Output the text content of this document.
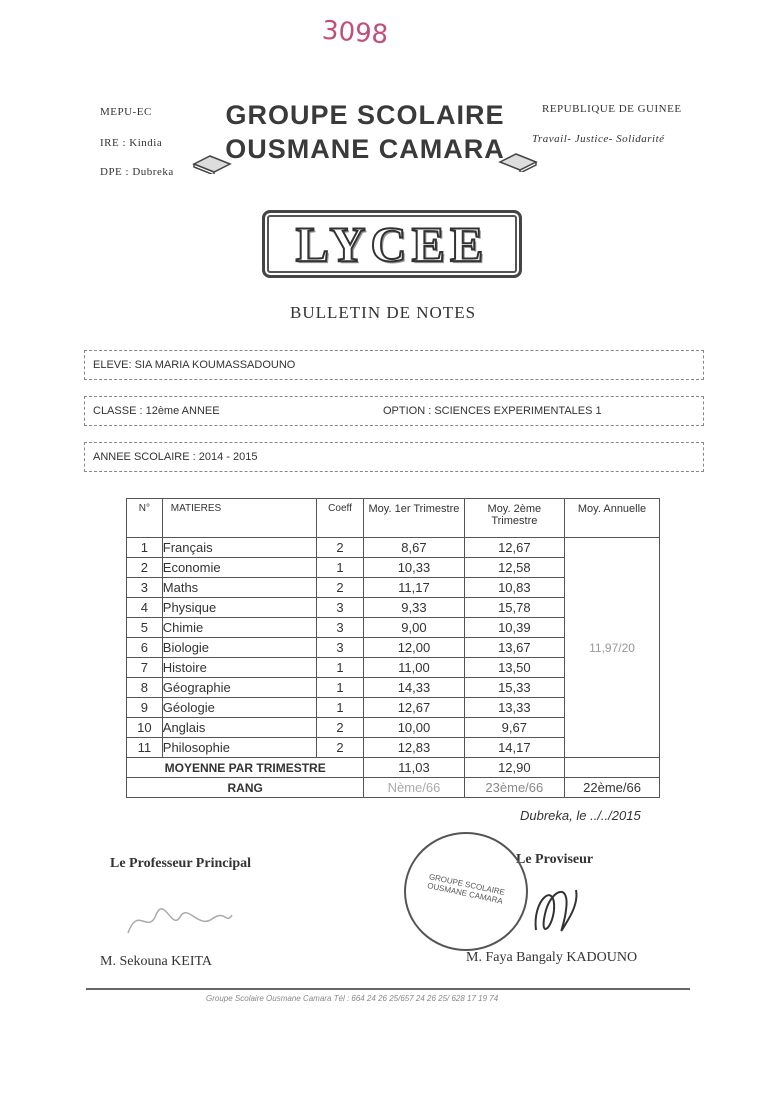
3098
MEPU-EC
IRE : Kindia
DPE : Dubreka
GROUPE SCOLAIRE
OUSMANE CAMARA
REPUBLIQUE DE GUINEE
Travail- Justice- Solidarité
LYCEE
BULLETIN DE NOTES
ELEVE: SIA MARIA KOUMASSADOUNO
CLASSE : 12ème ANNEE	OPTION : SCIENCES EXPERIMENTALES 1
ANNEE SCOLAIRE : 2014 - 2015
N°	MATIERES	Coeff	Moy. 1er Trimestre	Moy. 2ème Trimestre	Moy. Annuelle
1	Français	2	8,67	12,67	11,97/20
2	Economie	1	10,33	12,58	
3	Maths	2	11,17	10,83	
4	Physique	3	9,33	15,78	
5	Chimie	3	9,00	10,39	
6	Biologie	3	12,00	13,67	
7	Histoire	1	11,00	13,50	
8	Géographie	1	14,33	15,33	
9	Géologie	1	12,67	13,33	
10	Anglais	2	10,00	9,67	
11	Philosophie	2	12,83	14,17	
MOYENNE PAR TRIMESTRE			11,03	12,90	
RANG			Nème/66	23ème/66	22ème/66
Dubreka, le ../../2015
Le Professeur Principal	Le Proviseur
GROUPE SCOLAIRE OUSMANE CAMARA
M. Sekouna KEITA	M. Faya Bangaly KADOUNO
Groupe Scolaire Ousmane Camara Tél : 664 24 26 25/657 24 26 25/ 628 17 19 74
